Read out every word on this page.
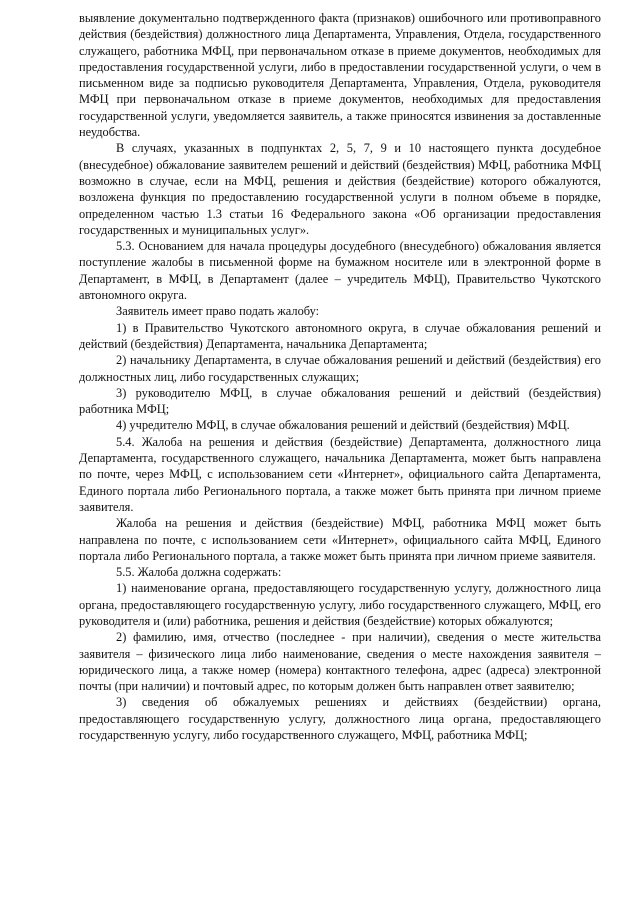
выявление документально подтвержденного факта (признаков) ошибочного или противоправного действия (бездействия) должностного лица Департамента, Управления, Отдела, государственного служащего, работника МФЦ, при первоначальном отказе в приеме документов, необходимых для предоставления государственной услуги, либо в предоставлении государственной услуги, о чем в письменном виде за подписью руководителя Департамента, Управления, Отдела, руководителя МФЦ при первоначальном отказе в приеме документов, необходимых для предоставления государственной услуги, уведомляется заявитель, а также приносятся извинения за доставленные неудобства.

В случаях, указанных в подпунктах 2, 5, 7, 9 и 10 настоящего пункта досудебное (внесудебное) обжалование заявителем решений и действий (бездействия) МФЦ, работника МФЦ возможно в случае, если на МФЦ, решения и действия (бездействие) которого обжалуются, возложена функция по предоставлению государственной услуги в полном объеме в порядке, определенном частью 1.3 статьи 16 Федерального закона «Об организации предоставления государственных и муниципальных услуг».

5.3. Основанием для начала процедуры досудебного (внесудебного) обжалования является поступление жалобы в письменной форме на бумажном носителе или в электронной форме в Департамент, в МФЦ, в Департамент (далее – учредитель МФЦ), Правительство Чукотского автономного округа.

Заявитель имеет право подать жалобу:

1) в Правительство Чукотского автономного округа, в случае обжалования решений и действий (бездействия) Департамента, начальника Департамента;

2) начальнику Департамента, в случае обжалования решений и действий (бездействия) его должностных лиц, либо государственных служащих;

3) руководителю МФЦ, в случае обжалования решений и действий (бездействия) работника МФЦ;

4) учредителю МФЦ, в случае обжалования решений и действий (бездействия) МФЦ.

5.4. Жалоба на решения и действия (бездействие) Департамента, должностного лица Департамента, государственного служащего, начальника Департамента, может быть направлена по почте, через МФЦ, с использованием сети «Интернет», официального сайта Департамента, Единого портала либо Регионального портала, а также может быть принята при личном приеме заявителя.

Жалоба на решения и действия (бездействие) МФЦ, работника МФЦ может быть направлена по почте, с использованием сети «Интернет», официального сайта МФЦ, Единого портала либо Регионального портала, а также может быть принята при личном приеме заявителя.

5.5. Жалоба должна содержать:

1) наименование органа, предоставляющего государственную услугу, должностного лица органа, предоставляющего государственную услугу, либо государственного служащего, МФЦ, его руководителя и (или) работника, решения и действия (бездействие) которых обжалуются;

2) фамилию, имя, отчество (последнее - при наличии), сведения о месте жительства заявителя – физического лица либо наименование, сведения о месте нахождения заявителя – юридического лица, а также номер (номера) контактного телефона, адрес (адреса) электронной почты (при наличии) и почтовый адрес, по которым должен быть направлен ответ заявителю;

3) сведения об обжалуемых решениях и действиях (бездействии) органа, предоставляющего государственную услугу, должностного лица органа, предоставляющего государственную услугу, либо государственного служащего, МФЦ, работника МФЦ;
